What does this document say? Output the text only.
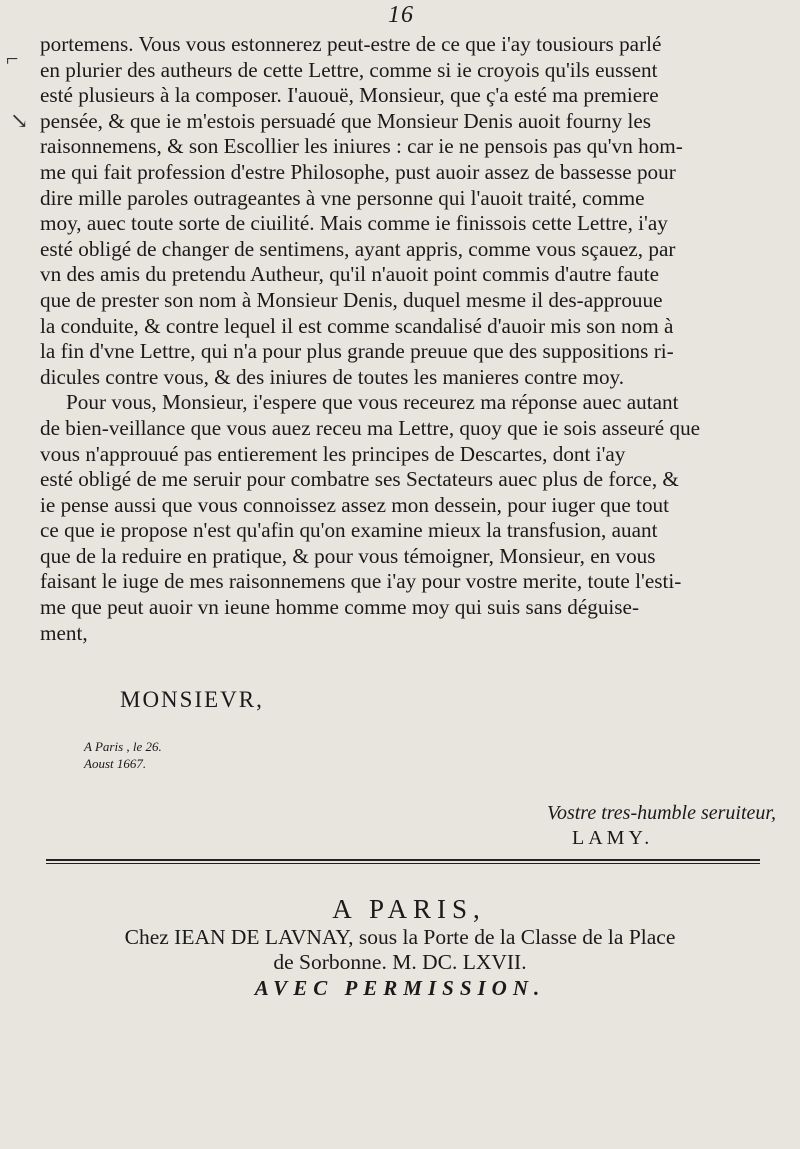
16
⌐
↘
portemens. Vous vous estonnerez peut-estre de ce que i'ay tousiours parlé
en plurier des autheurs de cette Lettre, comme si ie croyois qu'ils eussent
esté plusieurs à la composer. I'auouë, Monsieur, que ç'a esté ma premiere
pensée, & que ie m'estois persuadé que Monsieur Denis auoit fourny les
raisonnemens, & son Escollier les iniures : car ie ne pensois pas qu'vn hom-
me qui fait profession d'estre Philosophe, pust auoir assez de bassesse pour
dire mille paroles outrageantes à vne personne qui l'auoit traité, comme
moy, auec toute sorte de ciuilité. Mais comme ie finissois cette Lettre, i'ay
esté obligé de changer de sentimens, ayant appris, comme vous sçauez, par
vn des amis du pretendu Autheur, qu'il n'auoit point commis d'autre faute
que de prester son nom à Monsieur Denis, duquel mesme il des-approuue
la conduite, & contre lequel il est comme scandalisé d'auoir mis son nom à
la fin d'vne Lettre, qui n'a pour plus grande preuue que des suppositions ri-
dicules contre vous, & des iniures de toutes les manieres contre moy.
Pour vous, Monsieur, i'espere que vous receurez ma réponse auec autant
de bien-veillance que vous auez receu ma Lettre, quoy que ie sois asseuré que
vous n'approuué pas entierement les principes de Descartes, dont i'ay
esté obligé de me seruir pour combatre ses Sectateurs auec plus de force, &
ie pense aussi que vous connoissez assez mon dessein, pour iuger que tout
ce que ie propose n'est qu'afin qu'on examine mieux la transfusion, auant
que de la reduire en pratique, & pour vous témoigner, Monsieur, en vous
faisant le iuge de mes raisonnemens que i'ay pour vostre merite, toute l'esti-
me que peut auoir vn ieune homme comme moy qui suis sans déguise-
ment,
MONSIEVR,
A Paris , le 26.
Aoust 1667.
Vostre tres-humble seruiteur,
LAMY.
A PARIS,
Chez IEAN DE LAVNAY, sous la Porte de la Classe de la Place
de Sorbonne. M. DC. LXVII.
AVEC PERMISSION.
